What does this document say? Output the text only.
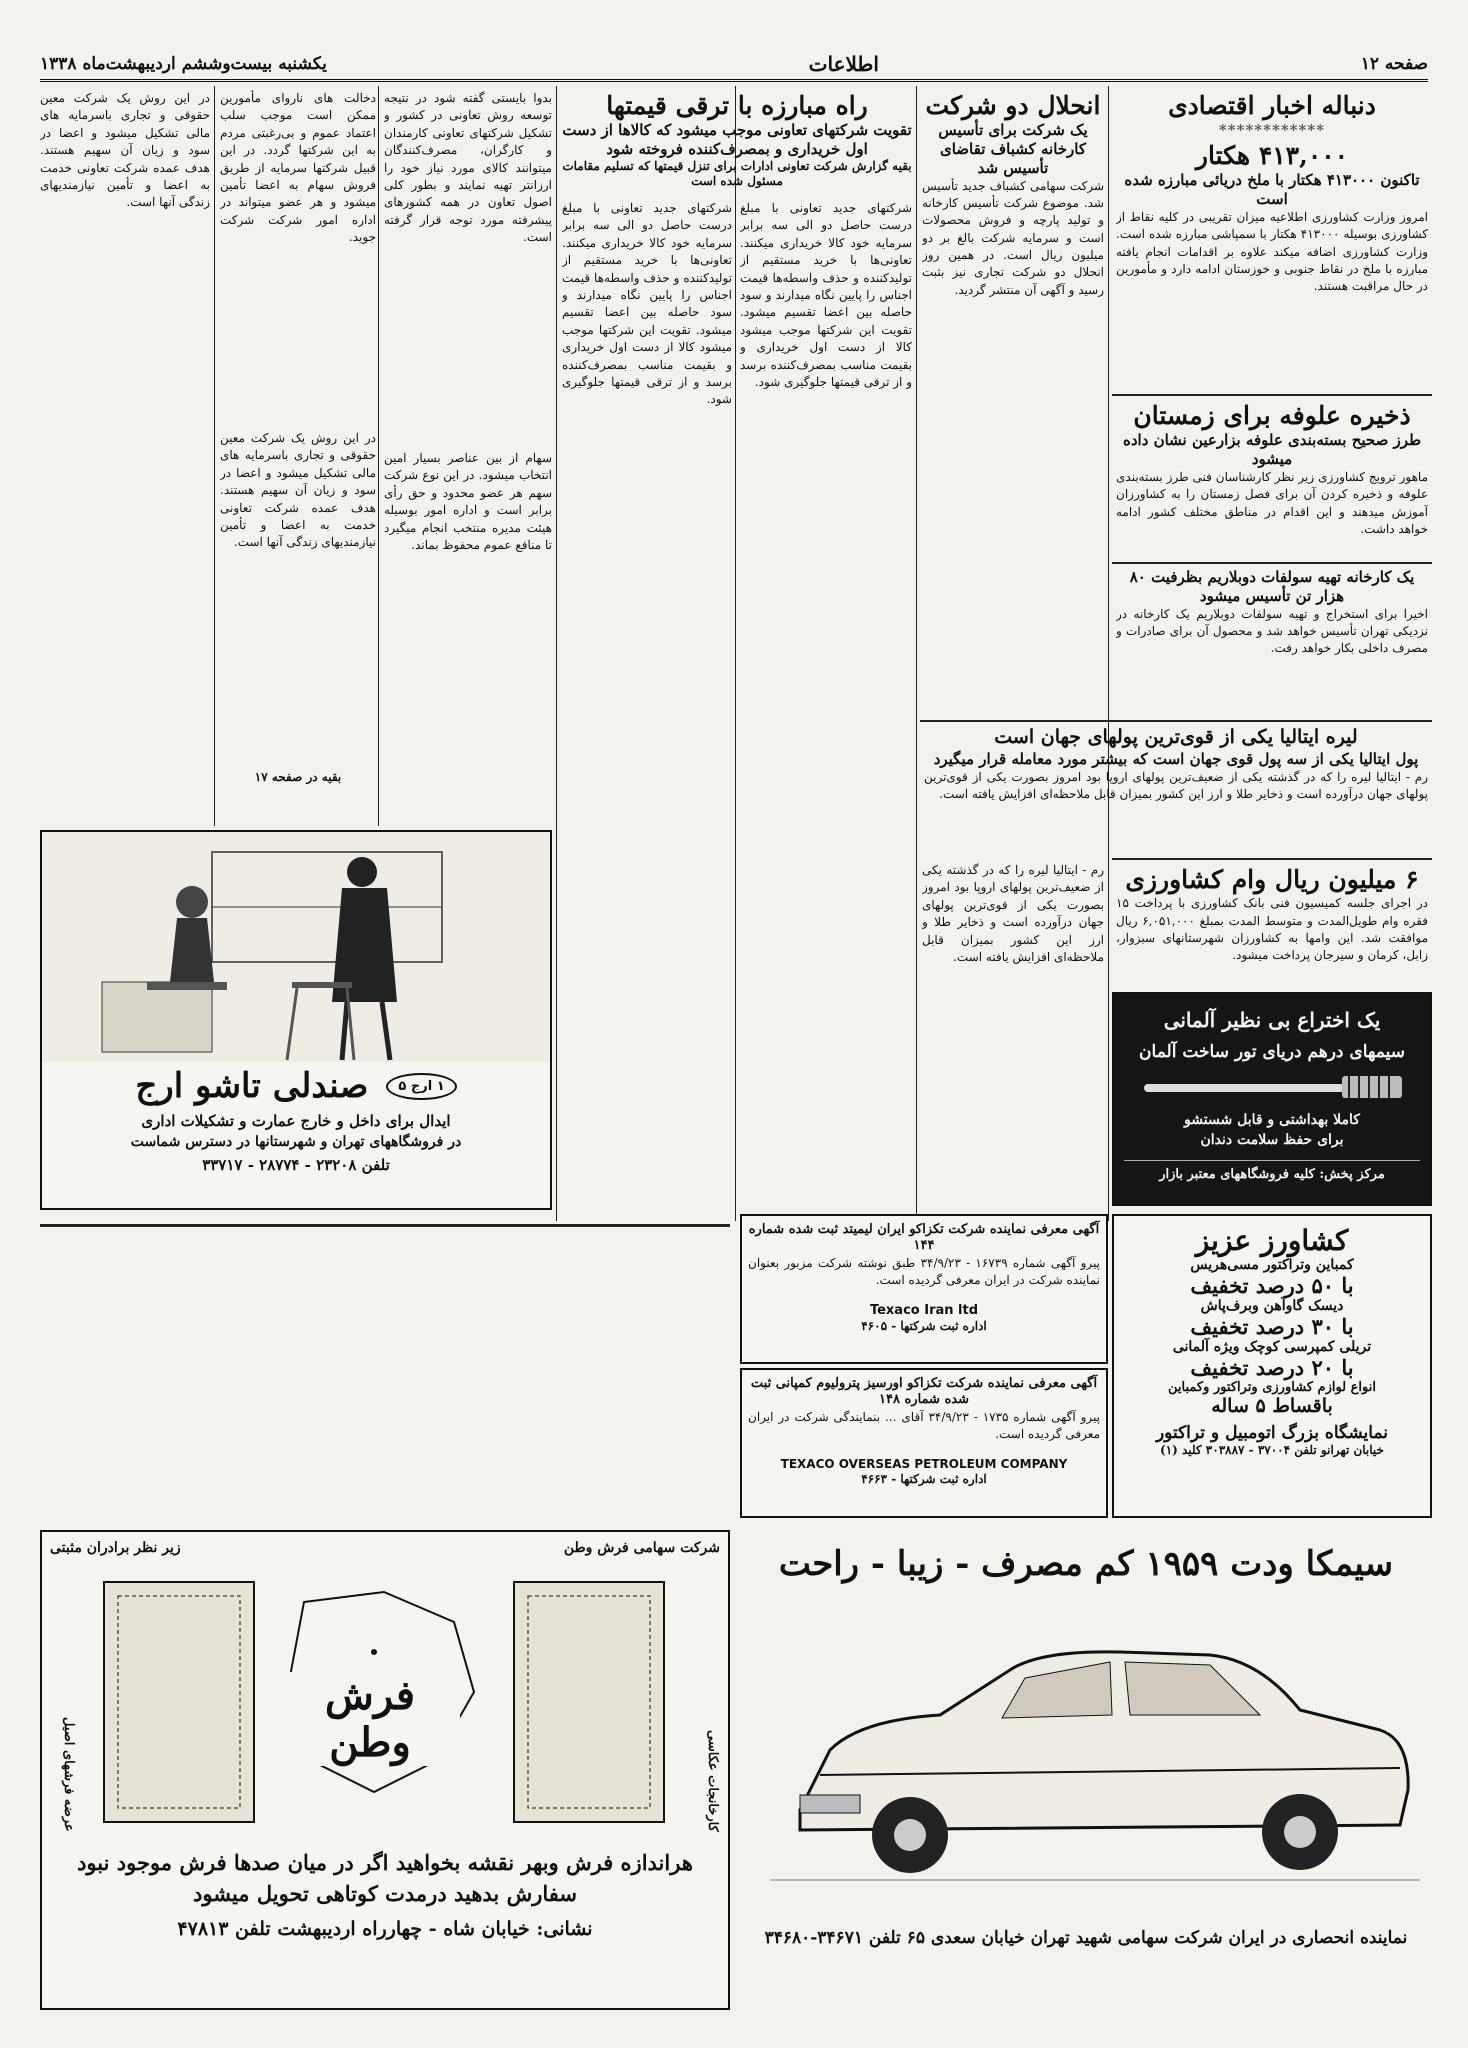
صفحه ۱۲
اطلاعات
یکشنبه بیست‌وششم اردیبهشت‌ماه ۱۳۳۸
دنباله اخبار اقتصادی
************
۴۱۳,۰۰۰ هکتار
تاکنون ۴۱۳۰۰۰ هکتار با ملخ دریائی مبارزه شده است
امروز وزارت کشاورزی اطلاعیه میزان تقریبی در کلیه نقاط از کشاورزی بوسیله ۴۱۳۰۰۰ هکتار با سمپاشی مبارزه شده است. وزارت کشاورزی اضافه میکند علاوه بر اقدامات انجام یافته مبارزه با ملخ در نقاط جنوبی و خوزستان ادامه دارد و مأمورین در حال مراقبت هستند.
ذخیره علوفه برای زمستان
طرز صحیح بسته‌بندی علوفه بزارعین نشان داده میشود
ماهور ترویج کشاورزی زیر نظر کارشناسان فنی طرز بسته‌بندی علوفه و ذخیره کردن آن برای فصل زمستان را به کشاورزان آموزش میدهند و این اقدام در مناطق مختلف کشور ادامه خواهد داشت.
یک کارخانه تهیه سولفات دوبلاریم بظرفیت ۸۰ هزار تن تأسیس میشود
اخیرا برای استخراج و تهیه سولفات دوبلاریم یک کارخانه در نزدیکی تهران تأسیس خواهد شد و محصول آن برای صادرات و مصرف داخلی بکار خواهد رفت.
لیره ایتالیا یکی از قوی‌ترین پولهای جهان است
پول ایتالیا یکی از سه پول قوی جهان است که بیشتر مورد معامله قرار میگیرد
رم - ایتالیا لیره را که در گذشته یکی از ضعیف‌ترین پولهای اروپا بود امروز بصورت یکی از قوی‌ترین پولهای جهان درآورده است و ذخایر طلا و ارز این کشور بمیزان قابل ملاحظه‌ای افزایش یافته است.
۶ میلیون ریال وام کشاورزی
در اجرای جلسه کمیسیون فنی بانک کشاورزی با پرداخت ۱۵ فقره وام طویل‌المدت و متوسط المدت بمبلغ ۶,۰۵۱,۰۰۰ ریال موافقت شد. این وامها به کشاورزان شهرستانهای سبزوار، زابل، کرمان و سیرجان پرداخت میشود.
یک اختراع بی نظیر آلمانی
سیمهای درهم دریای تور ساخت آلمان
کاملا بهداشتی و قابل شستشو
برای حفظ سلامت دندان
مرکز پخش: کلیه فروشگاههای معتبر بازار
انحلال دو شرکت
یک شرکت برای تأسیس کارخانه کشباف تقاضای تأسیس شد
شرکت سهامی کشباف جدید تأسیس شد. موضوع شرکت تأسیس کارخانه و تولید پارچه و فروش محصولات است و سرمایه شرکت بالغ بر دو میلیون ریال است. در همین روز انحلال دو شرکت تجاری نیز بثبت رسید و آگهی آن منتشر گردید.
رم - ایتالیا لیره را که در گذشته یکی از ضعیف‌ترین پولهای اروپا بود امروز بصورت یکی از قوی‌ترین پولهای جهان درآورده است و ذخایر طلا و ارز این کشور بمیزان قابل ملاحظه‌ای افزایش یافته است.
راه مبارزه با ترقی قیمتها
تقویت شرکتهای تعاونی موجب میشود که کالاها از دست اول خریداری و بمصرف‌کننده فروخته شود
بقیه گزارش شرکت تعاونی ادارات برای تنزل قیمتها که تسلیم مقامات مسئول شده است
شرکتهای جدید تعاونی با مبلغ درست حاصل دو الی سه برابر سرمایه خود کالا خریداری میکنند. تعاونی‌ها با خرید مستقیم از تولیدکننده و حذف واسطه‌ها قیمت اجناس را پایین نگاه میدارند و سود حاصله بین اعضا تقسیم میشود. تقویت این شرکتها موجب میشود کالا از دست اول خریداری و بقیمت مناسب بمصرف‌کننده برسد و از ترقی قیمتها جلوگیری شود.
شرکتهای جدید تعاونی با مبلغ درست حاصل دو الی سه برابر سرمایه خود کالا خریداری میکنند. تعاونی‌ها با خرید مستقیم از تولیدکننده و حذف واسطه‌ها قیمت اجناس را پایین نگاه میدارند و سود حاصله بین اعضا تقسیم میشود. تقویت این شرکتها موجب میشود کالا از دست اول خریداری و بقیمت مناسب بمصرف‌کننده برسد و از ترقی قیمتها جلوگیری شود.
بدوا بایستی گفته شود در نتیجه توسعه روش تعاونی در کشور و تشکیل شرکتهای تعاونی کارمندان و کارگران، مصرف‌کنندگان میتوانند کالای مورد نیاز خود را ارزانتر تهیه نمایند و بطور کلی اصول تعاون در همه کشورهای پیشرفته مورد توجه قرار گرفته است.
سهام از بین عناصر بسیار امین انتخاب میشود. در این نوع شرکت سهم هر عضو محدود و حق رأی برابر است و اداره امور بوسیله هیئت مدیره منتخب انجام میگیرد تا منافع عموم محفوظ بماند.
دخالت های ناروای مأمورین ممکن است موجب سلب اعتماد عموم و بی‌رغبتی مردم به این شرکتها گردد. در این قبیل شرکتها سرمایه از طریق فروش سهام به اعضا تأمین میشود و هر عضو میتواند در اداره امور شرکت شرکت جوید.
در این روش یک شرکت معین حقوقی و تجاری باسرمایه های مالی تشکیل میشود و اعضا در سود و زیان آن سهیم هستند. هدف عمده شرکت تعاونی خدمت به اعضا و تأمین نیازمندیهای زندگی آنها است.
بقیه در صفحه ۱۷
در این روش یک شرکت معین حقوقی و تجاری باسرمایه های مالی تشکیل میشود و اعضا در سود و زیان آن سهیم هستند. هدف عمده شرکت تعاونی خدمت به اعضا و تأمین نیازمندیهای زندگی آنها است.
۱ ارج ۵
صندلی تاشو ارج
ایدال برای داخل و خارج عمارت و تشکیلات اداری
در فروشگاههای تهران و شهرستانها در دسترس شماست
تلفن ۲۳۲۰۸ - ۲۸۷۷۴ - ۳۳۷۱۷
آگهی معرفی نماینده شرکت تکزاکو ایران لیمیتد ثبت شده شماره ۱۴۴
پیرو آگهی شماره ۱۶۷۳۹ - ۳۴/۹/۲۳ طبق نوشته شرکت مزبور بعنوان نماینده شرکت در ایران معرفی گردیده است.
Texaco Iran ltd
اداره ثبت شرکتها - ۴۶۰۵
آگهی معرفی نماینده شرکت تکزاکو اورسیز پترولیوم کمپانی ثبت شده شماره ۱۴۸
پیرو آگهی شماره ۱۷۳۵ - ۳۴/۹/۲۳ آقای ... بنمایندگی شرکت در ایران معرفی گردیده است.
TEXACO OVERSEAS PETROLEUM COMPANY
اداره ثبت شرکتها - ۴۶۶۳
کشاورز عزیز
کمباین وتراکتور مسی‌هریس
با ۵۰ درصد تخفیف
دیسک گاوآهن وبرف‌پاش
با ۳۰ درصد تخفیف
تریلی کمپرسی کوچک ویژه آلمانی
با ۲۰ درصد تخفیف
انواع لوازم کشاورزی وتراکتور وکمباین
باقساط ۵ ساله
نمایشگاه بزرگ اتومبیل و تراکتور
خیابان تهرانو تلفن ۳۷۰۰۴ - ۳۰۳۸۸۷ کلید (۱)
شرکت سهامی فرش وطن
زیر نظر برادران مثبتی
کارخانجات عکاسی
عرضه فرشهای اصیل
فرش وطن
هراندازه فرش وبهر نقشه بخواهید اگر در میان صدها فرش موجود نبود
سفارش بدهید درمدت کوتاهی تحویل میشود
نشانی: خیابان شاه - چهارراه اردیبهشت تلفن ۴۷۸۱۳
سیمکا ودت ۱۹۵۹ کم مصرف - زیبا - راحت
نماینده انحصاری در ایران شرکت سهامی شهید تهران خیابان سعدی ۶۵ تلفن ۳۴۶۷۱-۳۴۶۸۰
